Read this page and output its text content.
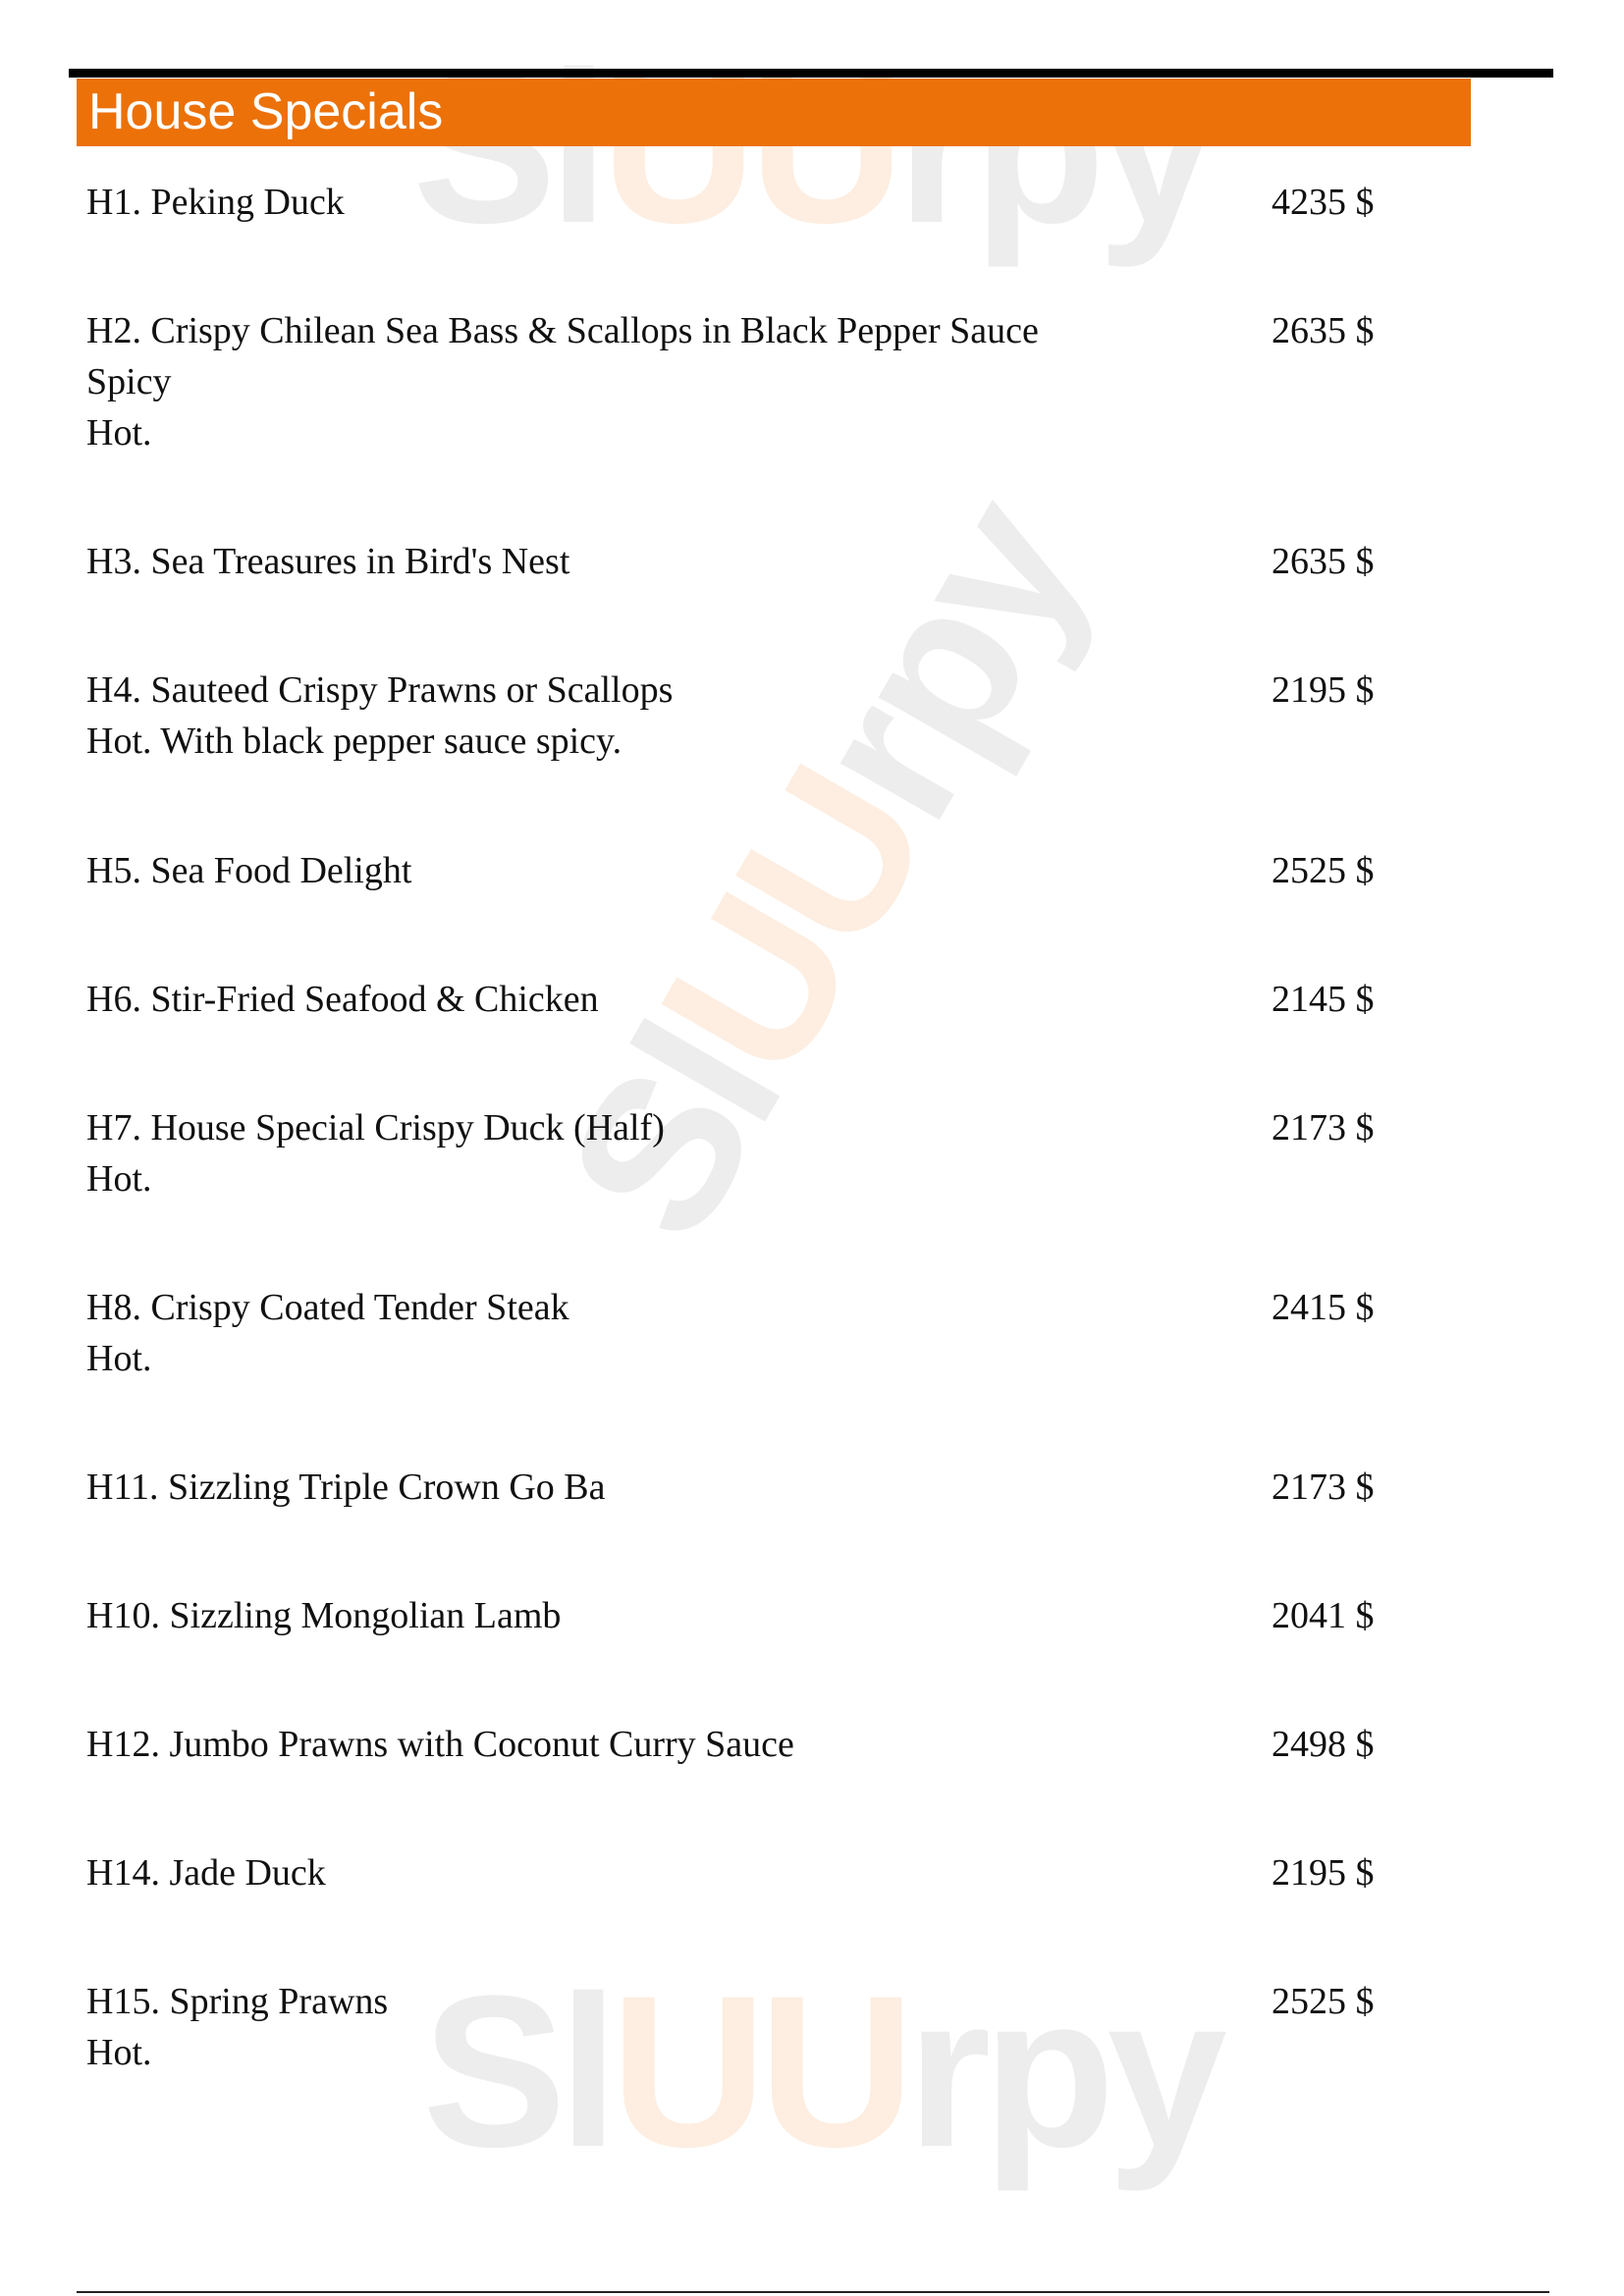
SlUUrpy
SlUUrpy
SlUUrpy
House Specials
H1. Peking Duck	4235 $
H2. Crispy Chilean Sea Bass & Scallops in Black Pepper Sauce
Spicy
Hot.
2635 $
H3. Sea Treasures in Bird's Nest	2635 $
H4. Sauteed Crispy Prawns or Scallops
Hot. With black pepper sauce spicy.
2195 $
H5. Sea Food Delight	2525 $
H6. Stir-Fried Seafood & Chicken	2145 $
H7. House Special Crispy Duck (Half)
Hot.
2173 $
H8. Crispy Coated Tender Steak
Hot.
2415 $
H11. Sizzling Triple Crown Go Ba	2173 $
H10. Sizzling Mongolian Lamb	2041 $
H12. Jumbo Prawns with Coconut Curry Sauce	2498 $
H14. Jade Duck	2195 $
H15. Spring Prawns
Hot.
2525 $
